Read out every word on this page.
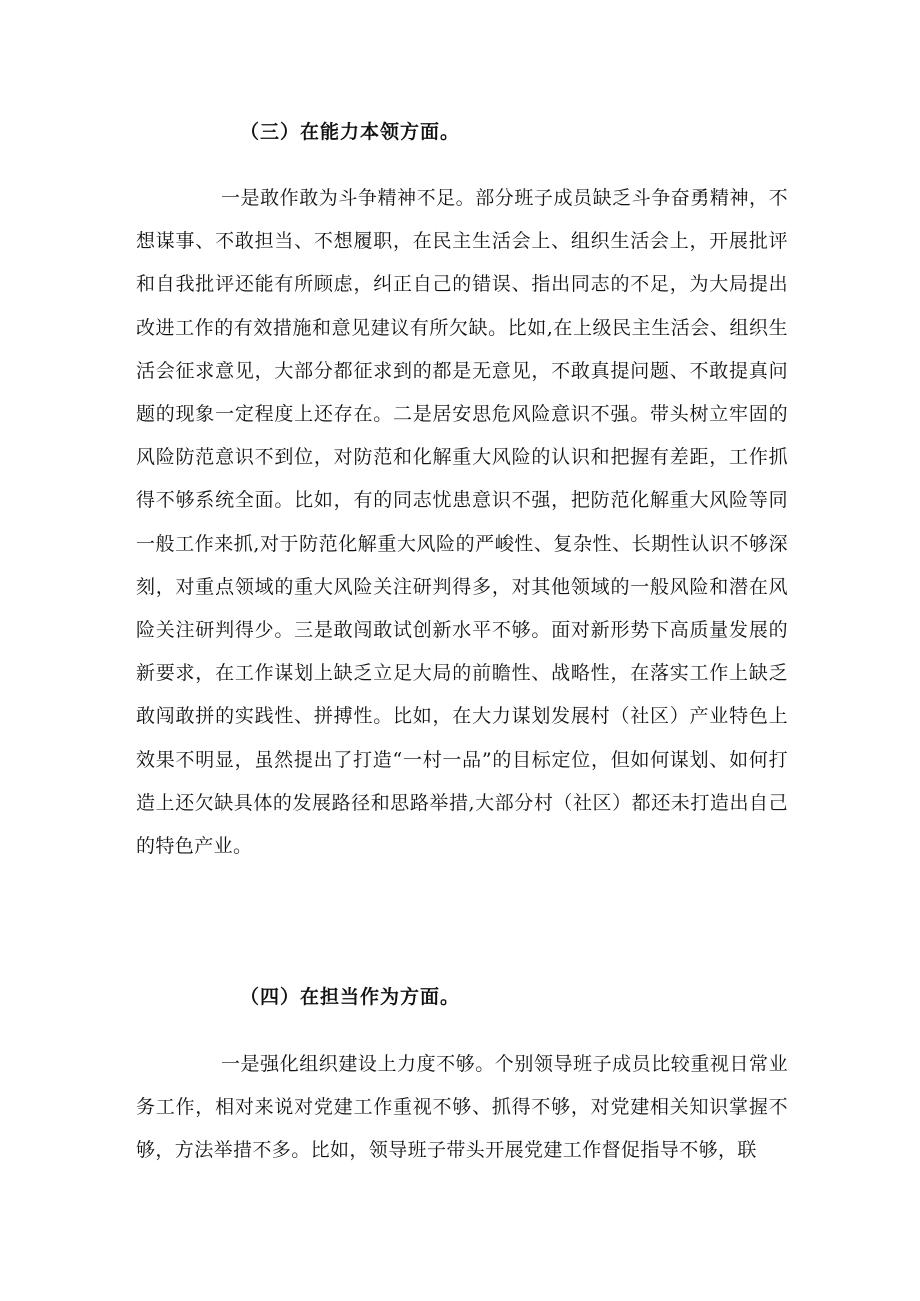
（三）在能力本领方面。

一是敢作敢为斗争精神不足。部分班子成员缺乏斗争奋勇精神，不想谋事、不敢担当、不想履职，在民主生活会上、组织生活会上，开展批评和自我批评还能有所顾虑，纠正自己的错误、指出同志的不足，为大局提出改进工作的有效措施和意见建议有所欠缺。比如,在上级民主生活会、组织生活会征求意见，大部分都征求到的都是无意见，不敢真提问题、不敢提真问题的现象一定程度上还存在。二是居安思危风险意识不强。带头树立牢固的风险防范意识不到位，对防范和化解重大风险的认识和把握有差距，工作抓得不够系统全面。比如，有的同志忧患意识不强，把防范化解重大风险等同一般工作来抓,对于防范化解重大风险的严峻性、复杂性、长期性认识不够深刻，对重点领域的重大风险关注研判得多，对其他领域的一般风险和潜在风险关注研判得少。三是敢闯敢试创新水平不够。面对新形势下高质量发展的新要求，在工作谋划上缺乏立足大局的前瞻性、战略性，在落实工作上缺乏敢闯敢拼的实践性、拼搏性。比如，在大力谋划发展村（社区）产业特色上效果不明显，虽然提出了打造“一村一品”的目标定位，但如何谋划、如何打造上还欠缺具体的发展路径和思路举措,大部分村（社区）都还未打造出自己的特色产业。

（四）在担当作为方面。

一是强化组织建设上力度不够。个别领导班子成员比较重视日常业务工作，相对来说对党建工作重视不够、抓得不够，对党建相关知识掌握不够，方法举措不多。比如，领导班子带头开展党建工作督促指导不够，联
